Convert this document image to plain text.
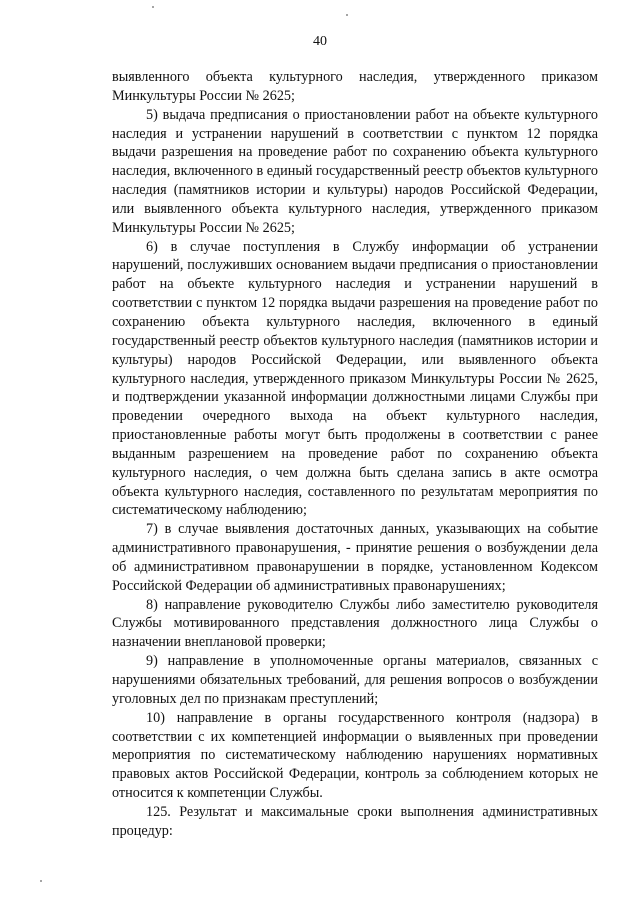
40

выявленного объекта культурного наследия, утвержденного приказом Минкультуры России № 2625;

5) выдача предписания о приостановлении работ на объекте культурного наследия и устранении нарушений в соответствии с пунктом 12 порядка выдачи разрешения на проведение работ по сохранению объекта культурного наследия, включенного в единый государственный реестр объектов культурного наследия (памятников истории и культуры) народов Российской Федерации, или выявленного объекта культурного наследия, утвержденного приказом Минкультуры России № 2625;

6) в случае поступления в Службу информации об устранении нарушений, послуживших основанием выдачи предписания о приостановлении работ на объекте культурного наследия и устранении нарушений в соответствии с пунктом 12 порядка выдачи разрешения на проведение работ по сохранению объекта культурного наследия, включенного в единый государственный реестр объектов культурного наследия (памятников истории и культуры) народов Российской Федерации, или выявленного объекта культурного наследия, утвержденного приказом Минкультуры России № 2625, и подтверждении указанной информации должностными лицами Службы при проведении очередного выхода на объект культурного наследия, приостановленные работы могут быть продолжены в соответствии с ранее выданным разрешением на проведение работ по сохранению объекта культурного наследия, о чем должна быть сделана запись в акте осмотра объекта культурного наследия, составленного по результатам мероприятия по систематическому наблюдению;

7) в случае выявления достаточных данных, указывающих на событие административного правонарушения, - принятие решения о возбуждении дела об административном правонарушении в порядке, установленном Кодексом Российской Федерации об административных правонарушениях;

8) направление руководителю Службы либо заместителю руководителя Службы мотивированного представления должностного лица Службы о назначении внеплановой проверки;

9) направление в уполномоченные органы материалов, связанных с нарушениями обязательных требований, для решения вопросов о возбуждении уголовных дел по признакам преступлений;

10) направление в органы государственного контроля (надзора) в соответствии с их компетенцией информации о выявленных при проведении мероприятия по систематическому наблюдению нарушениях нормативных правовых актов Российской Федерации, контроль за соблюдением которых не относится к компетенции Службы.

125. Результат и максимальные сроки выполнения административных процедур:
